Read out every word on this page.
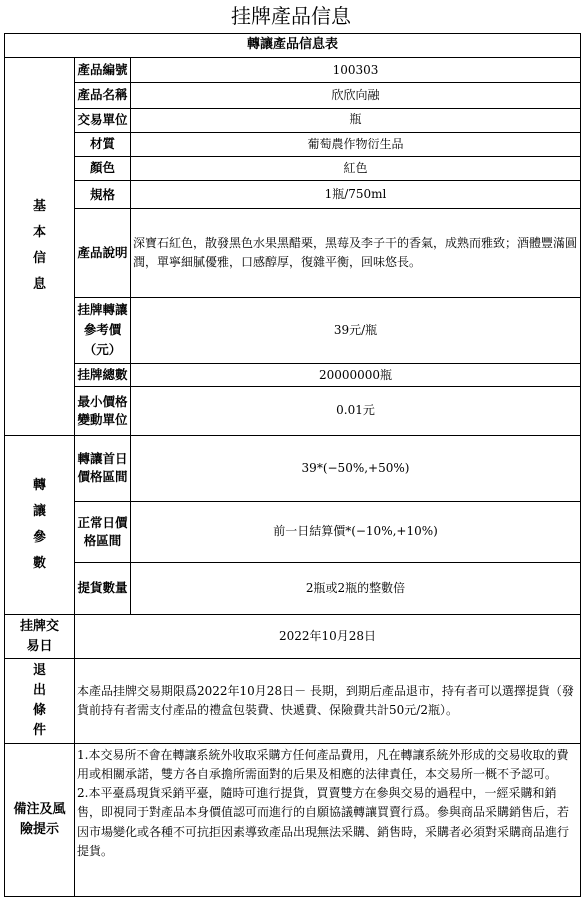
挂牌產品信息
轉讓產品信息表		
基本信息	產品編號	100303
	產品名稱	欣欣向融
	交易單位	瓶
	材質	葡萄農作物衍生品
	顏色	紅色
	規格	1瓶/750ml
	產品說明	深寶石紅色，散發黑色水果黑醋栗，黑莓及李子干的香氣，成熟而雅致；酒體豐滿圓潤，單寧細膩優雅，口感醇厚，復雜平衡，回味悠長。
	挂牌轉讓參考價（元）	39元/瓶
	挂牌總數	20000000瓶
	最小價格變動單位	0.01元
轉讓參數	轉讓首日價格區間	39*(−50%,+50%)
	正常日價格區間	前一日結算價*(−10%,+10%)
	提貨數量	2瓶或2瓶的整數倍
挂牌交易日	2022年10月28日	
退出條件	本產品挂牌交易期限爲2022年10月28日－ 長期，到期后產品退市，持有者可以選擇提貨（發貨前持有者需支付產品的禮盒包裝費、快遞費、保險費共計50元/2瓶）。	
備注及風險提示	1.本交易所不會在轉讓系統外收取采購方任何產品費用，凡在轉讓系統外形成的交易收取的費用或相關承諾，雙方各自承擔所需面對的后果及相應的法律責任，本交易所一概不予認可。
2.本平臺爲現貨采銷平臺，隨時可進行提貨，買賣雙方在參與交易的過程中，一經采購和銷售，即視同于對產品本身價值認可而進行的自願協議轉讓買賣行爲。參與商品采購銷售后，若因市場變化或各種不可抗拒因素導致產品出現無法采購、銷售時，采購者必須對采購商品進行提貨。	
